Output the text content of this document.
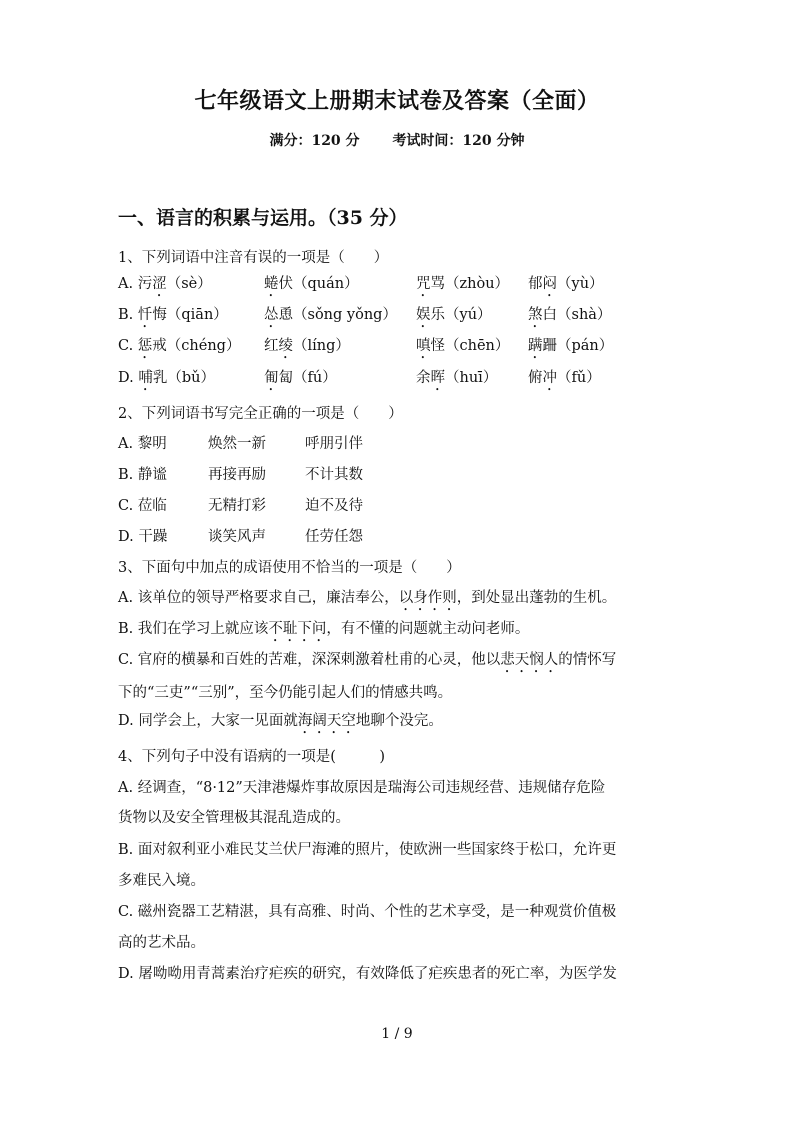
七年级语文上册期末试卷及答案（全面）
满分：120 分 考试时间：120 分钟
一、语言的积累与运用。（35 分）
1、下列词语中注音有误的一项是（　　）
A. 污涩（sè）	蜷伏（quán）	咒骂（zhòu） 郁闷（yù）
B. 忏悔（qiān） 怂恿（sǒng yǒng） 娱乐（yú）	煞白（shà）
C. 惩戒（chéng） 红绫（líng）	嗔怪（chēn） 蹒跚（pán）
D. 哺乳（bǔ）	匍匐（fú）	余晖（huī） 俯冲（fǔ）
2、下列词语书写完全正确的一项是（　　）
A. 黎明	焕然一新	呼朋引伴
B. 静谧	再接再励	不计其数
C. 莅临	无精打彩	迫不及待
D. 干躁	谈笑风声	任劳任怨
3、下面句中加点的成语使用不恰当的一项是（　　）
A. 该单位的领导严格要求自己，廉洁奉公，以身作则，到处显出蓬勃的生机。
B. 我们在学习上就应该不耻下问，有不懂的问题就主动问老师。
C. 官府的横暴和百姓的苦难，深深刺激着杜甫的心灵，他以悲天悯人的情怀写
下的“三吏”“三别”，至今仍能引起人们的情感共鸣。
D. 同学会上，大家一见面就海阔天空地聊个没完。
4、下列句子中没有语病的一项是(　　　)
A. 经调查，“8·12”天津港爆炸事故原因是瑞海公司违规经营、违规储存危险
货物以及安全管理极其混乱造成的。
B. 面对叙利亚小难民艾兰伏尸海滩的照片，使欧洲一些国家终于松口，允许更
多难民入境。
C. 磁州瓷器工艺精湛，具有高雅、时尚、个性的艺术享受，是一种观赏价值极
高的艺术品。
D. 屠呦呦用青蒿素治疗疟疾的研究，有效降低了疟疾患者的死亡率，为医学发
1 / 9
